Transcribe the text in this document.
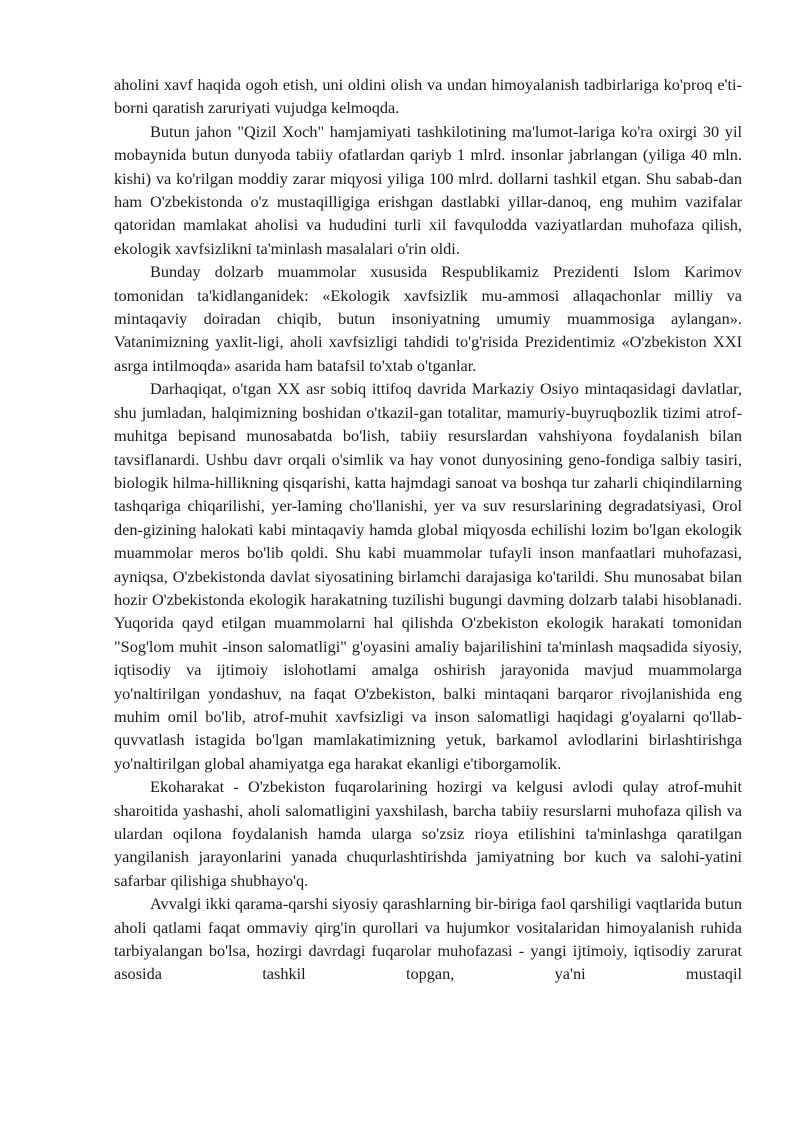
aholini xavf haqida ogoh etish, uni oldini olish va undan himoyalanish tadbirlariga ko'proq e'ti-borni qaratish zaruriyati vujudga kelmoqda.

Butun jahon "Qizil Xoch" hamjamiyati tashkilotining ma'lumot-lariga ko'ra oxirgi 30 yil mobaynida butun dunyoda tabiiy ofatlardan qariyb 1 mlrd. insonlar jabrlangan (yiliga 40 mln. kishi) va ko'rilgan moddiy zarar miqyosi yiliga 100 mlrd. dollarni tashkil etgan. Shu sabab-dan ham O'zbekistonda o'z mustaqilligiga erishgan dastlabki yillar-danoq, eng muhim vazifalar qatoridan mamlakat aholisi va hududini turli xil favqulodda vaziyatlardan muhofaza qilish, ekologik xavfsizlikni ta'minlash masalalari o'rin oldi.

Bunday dolzarb muammolar xususida Respublikamiz Prezidenti Islom Karimov tomonidan ta'kidlanganidek: «Ekologik xavfsizlik mu-ammosi allaqachonlar milliy va mintaqaviy doiradan chiqib, butun insoniyatning umumiy muammosiga aylangan». Vatanimizning yaxlit-ligi, aholi xavfsizligi tahdidi to'g'risida Prezidentimiz «O'zbekiston XXI asrga intilmoqda» asarida ham batafsil to'xtab o'tganlar.

Darhaqiqat, o'tgan XX asr sobiq ittifoq davrida Markaziy Osiyo mintaqasidagi davlatlar, shu jumladan, halqimizning boshidan o'tkazil-gan totalitar, mamuriy-buyruqbozlik tizimi atrof-muhitga bepisand munosabatda bo'lish, tabiiy resurslardan vahshiyona foydalanish bilan tavsiflanardi. Ushbu davr orqali o'simlik va hay vonot dunyosining geno-fondiga salbiy tasiri, biologik hilma-hillikning qisqarishi, katta hajmdagi sanoat va boshqa tur zaharli chiqindilarning tashqariga chiqarilishi, yer-laming cho'llanishi, yer va suv resurslarining degradatsiyasi, Orol den-gizining halokati kabi mintaqaviy hamda global miqyosda echilishi lozim bo'lgan ekologik muammolar meros bo'lib qoldi. Shu kabi muammolar tufayli inson manfaatlari muhofazasi, ayniqsa, O'zbekistonda davlat siyosatining birlamchi darajasiga ko'tarildi. Shu munosabat bilan hozir O'zbekistonda ekologik harakatning tuzilishi bugungi davming dolzarb talabi hisoblanadi. Yuqorida qayd etilgan muammolarni hal qilishda O'zbekiston ekologik harakati tomonidan "Sog'lom muhit -inson salomatligi" g'oyasini amaliy bajarilishini ta'minlash maqsadida siyosiy, iqtisodiy va ijtimoiy islohotlami amalga oshirish jarayonida mavjud muammolarga yo'naltirilgan yondashuv, na faqat O'zbekiston, balki mintaqani barqaror rivojlanishida eng muhim omil bo'lib, atrof-muhit xavfsizligi va inson salomatligi haqidagi g'oyalarni qo'llab-quvvatlash istagida bo'lgan mamlakatimizning yetuk, barkamol avlodlarini birlashtirishga yo'naltirilgan global ahamiyatga ega harakat ekanligi e'tiborgamolik.

Ekoharakat - O'zbekiston fuqarolarining hozirgi va kelgusi avlodi qulay atrof-muhit sharoitida yashashi, aholi salomatligini yaxshilash, barcha tabiiy resurslarni muhofaza qilish va ulardan oqilona foydalanish hamda ularga so'zsiz rioya etilishini ta'minlashga qaratilgan yangilanish jarayonlarini yanada chuqurlashtirishda jamiyatning bor kuch va salohi-yatini safarbar qilishiga shubhayo'q.

Avvalgi ikki qarama-qarshi siyosiy qarashlarning bir-biriga faol qarshiligi vaqtlarida butun aholi qatlami faqat ommaviy qirg'in qurollari va hujumkor vositalaridan himoyalanish ruhida tarbiyalangan bo'lsa, hozirgi davrdagi fuqarolar muhofazasi - yangi ijtimoiy, iqtisodiy zarurat asosida tashkil topgan, ya'ni mustaqil
